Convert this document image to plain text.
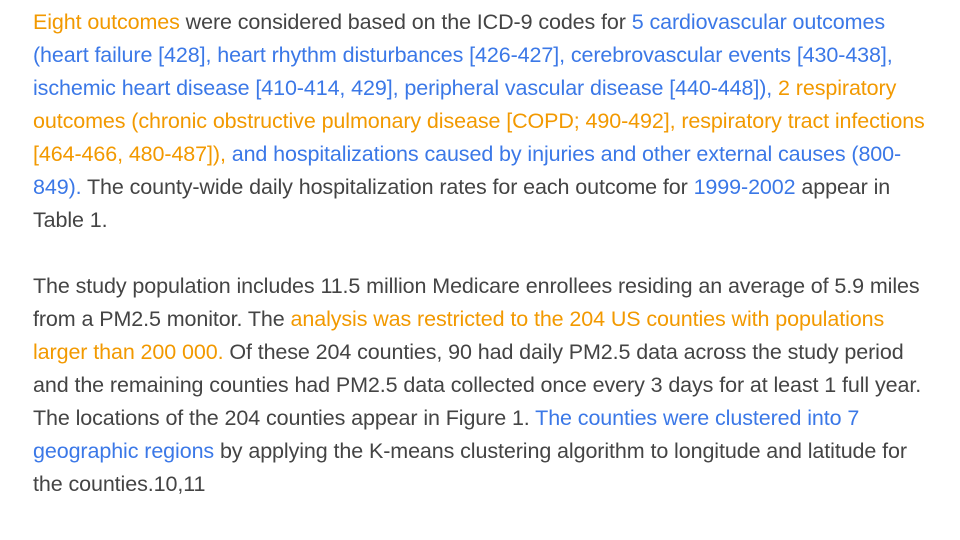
Eight outcomes were considered based on the ICD-9 codes for 5 cardiovascular outcomes (heart failure [428], heart rhythm disturbances [426-427], cerebrovascular events [430-438], ischemic heart disease [410-414, 429], peripheral vascular disease [440-448]), 2 respiratory outcomes (chronic obstructive pulmonary disease [COPD; 490-492], respiratory tract infections [464-466, 480-487]), and hospitalizations caused by injuries and other external causes (800-849). The county-wide daily hospitalization rates for each outcome for 1999-2002 appear in Table 1.

The study population includes 11.5 million Medicare enrollees residing an average of 5.9 miles from a PM2.5 monitor. The analysis was restricted to the 204 US counties with populations larger than 200 000. Of these 204 counties, 90 had daily PM2.5 data across the study period and the remaining counties had PM2.5 data collected once every 3 days for at least 1 full year. The locations of the 204 counties appear in Figure 1. The counties were clustered into 7 geographic regions by applying the K-means clustering algorithm to longitude and latitude for the counties.10,11
